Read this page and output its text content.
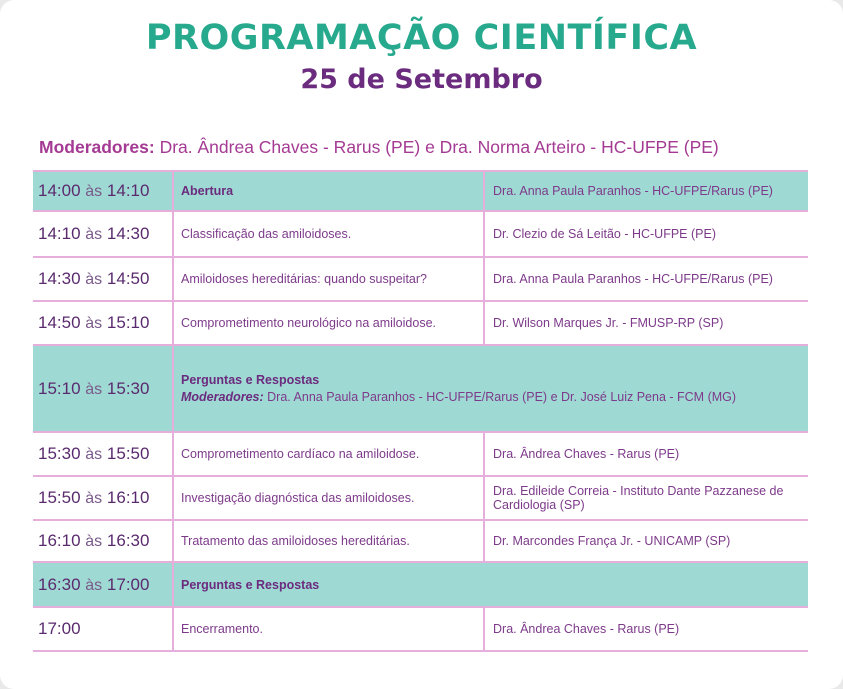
PROGRAMAÇÃO CIENTÍFICA
25 de Setembro
Moderadores: Dra. Ândrea Chaves - Rarus (PE) e Dra. Norma Arteiro - HC-UFPE (PE)
14:00 às 14:10	Abertura	Dra. Anna Paula Paranhos - HC-UFPE/Rarus (PE)
14:10 às 14:30	Classificação das amiloidoses.	Dr. Clezio de Sá Leitão - HC-UFPE (PE)
14:30 às 14:50	Amiloidoses hereditárias: quando suspeitar?	Dra. Anna Paula Paranhos - HC-UFPE/Rarus (PE)
14:50 às 15:10	Comprometimento neurológico na amiloidose.	Dr. Wilson Marques Jr. - FMUSP-RP (SP)
15:10 às 15:30	Perguntas e Respostas
Moderadores: Dra. Anna Paula Paranhos - HC-UFPE/Rarus (PE) e Dr. José Luiz Pena - FCM (MG)	

15:30 às 15:50	Comprometimento cardíaco na amiloidose.	Dra. Ândrea Chaves - Rarus (PE)
15:50 às 16:10	Investigação diagnóstica das amiloidoses.	Dra. Edileide Correia - Instituto Dante Pazzanese de Cardiologia (SP)
16:10 às 16:30	Tratamento das amiloidoses hereditárias.	Dr. Marcondes França Jr. - UNICAMP (SP)
16:30 às 17:00	Perguntas e Respostas	
17:00	Encerramento.	Dra. Ândrea Chaves - Rarus (PE)
